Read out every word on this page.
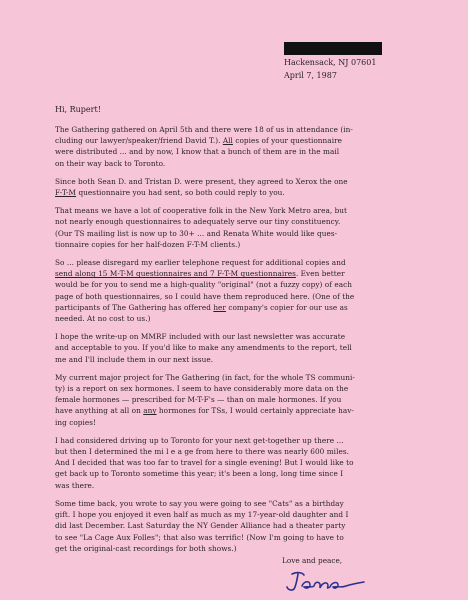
Hackensack, NJ 07601
April 7, 1987
Hi, Rupert!
The Gathering gathered on April 5th and there were 18 of us in attendance (in-
cluding our lawyer/speaker/friend David T.). All copies of your questionnaire
were distributed ... and by now, I know that a bunch of them are in the mail
on their way back to Toronto.
Since both Sean D. and Tristan D. were present, they agreed to Xerox the one
F-T-M questionnaire you had sent, so both could reply to you.
That means we have a lot of cooperative folk in the New York Metro area, but
not nearly enough questionnaires to adequately serve our tiny constituency.
(Our TS mailing list is now up to 30+ ... and Renata White would like ques-
tionnaire copies for her half-dozen F-T-M clients.)
So ... please disregard my earlier telephone request for additional copies and
send along 15 M-T-M questionnaires and 7 F-T-M questionnaires. Even better
would be for you to send me a high-quality "original" (not a fuzzy copy) of each
page of both questionnaires, so I could have them reproduced here. (One of the
participants of The Gathering has offered her company's copier for our use as
needed. At no cost to us.)
I hope the write-up on MMRF included with our last newsletter was accurate
and acceptable to you. If you'd like to make any amendments to the report, tell
me and I'll include them in our next issue.
My current major project for The Gathering (in fact, for the whole TS communi-
ty) is a report on sex hormones. I seem to have considerably more data on the
female hormones — prescribed for M-T-F's — than on male hormones. If you
have anything at all on any hormones for TSs, I would certainly appreciate hav-
ing copies!
I had considered driving up to Toronto for your next get-together up there ...
but then I determined the mi l e a ge from here to there was nearly 600 miles.
And I decided that was too far to travel for a single evening! But I would like to
get back up to Toronto sometime this year; it's been a long, long time since I
was there.
Some time back, you wrote to say you were going to see "Cats" as a birthday
gift. I hope you enjoyed it even half as much as my 17-year-old daughter and I
did last December. Last Saturday the NY Gender Alliance had a theater party
to see "La Cage Aux Folles"; that also was terrific! (Now I'm going to have to
get the original-cast recordings for both shows.)
Love and peace,
